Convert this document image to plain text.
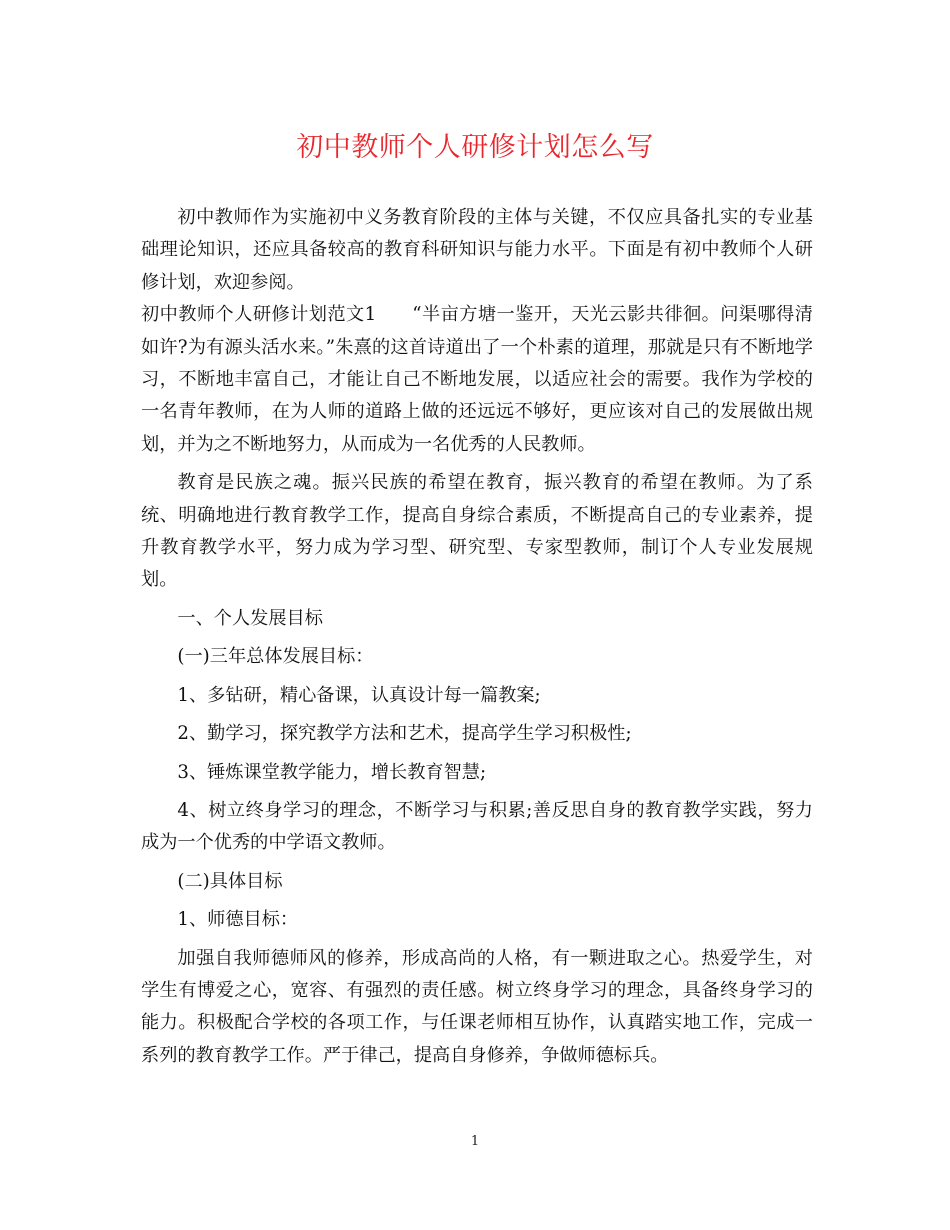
初中教师个人研修计划怎么写

初中教师作为实施初中义务教育阶段的主体与关键，不仅应具备扎实的专业基础理论知识，还应具备较高的教育科研知识与能力水平。下面是有初中教师个人研修计划，欢迎参阅。

初中教师个人研修计划范文1 “半亩方塘一鉴开，天光云影共徘徊。问渠哪得清如许?为有源头活水来。”朱熹的这首诗道出了一个朴素的道理，那就是只有不断地学习，不断地丰富自己，才能让自己不断地发展，以适应社会的需要。我作为学校的一名青年教师，在为人师的道路上做的还远远不够好，更应该对自己的发展做出规划，并为之不断地努力，从而成为一名优秀的人民教师。

教育是民族之魂。振兴民族的希望在教育，振兴教育的希望在教师。为了系统、明确地进行教育教学工作，提高自身综合素质，不断提高自己的专业素养，提升教育教学水平，努力成为学习型、研究型、专家型教师，制订个人专业发展规划。

一、个人发展目标

(一)三年总体发展目标：

1、多钻研，精心备课，认真设计每一篇教案;

2、勤学习，探究教学方法和艺术，提高学生学习积极性;

3、锤炼课堂教学能力，增长教育智慧;

4、树立终身学习的理念，不断学习与积累;善反思自身的教育教学实践，努力成为一个优秀的中学语文教师。

(二)具体目标

1、师德目标：

加强自我师德师风的修养，形成高尚的人格，有一颗进取之心。热爱学生，对学生有博爱之心，宽容、有强烈的责任感。树立终身学习的理念，具备终身学习的能力。积极配合学校的各项工作，与任课老师相互协作，认真踏实地工作，完成一系列的教育教学工作。严于律己，提高自身修养，争做师德标兵。

1
